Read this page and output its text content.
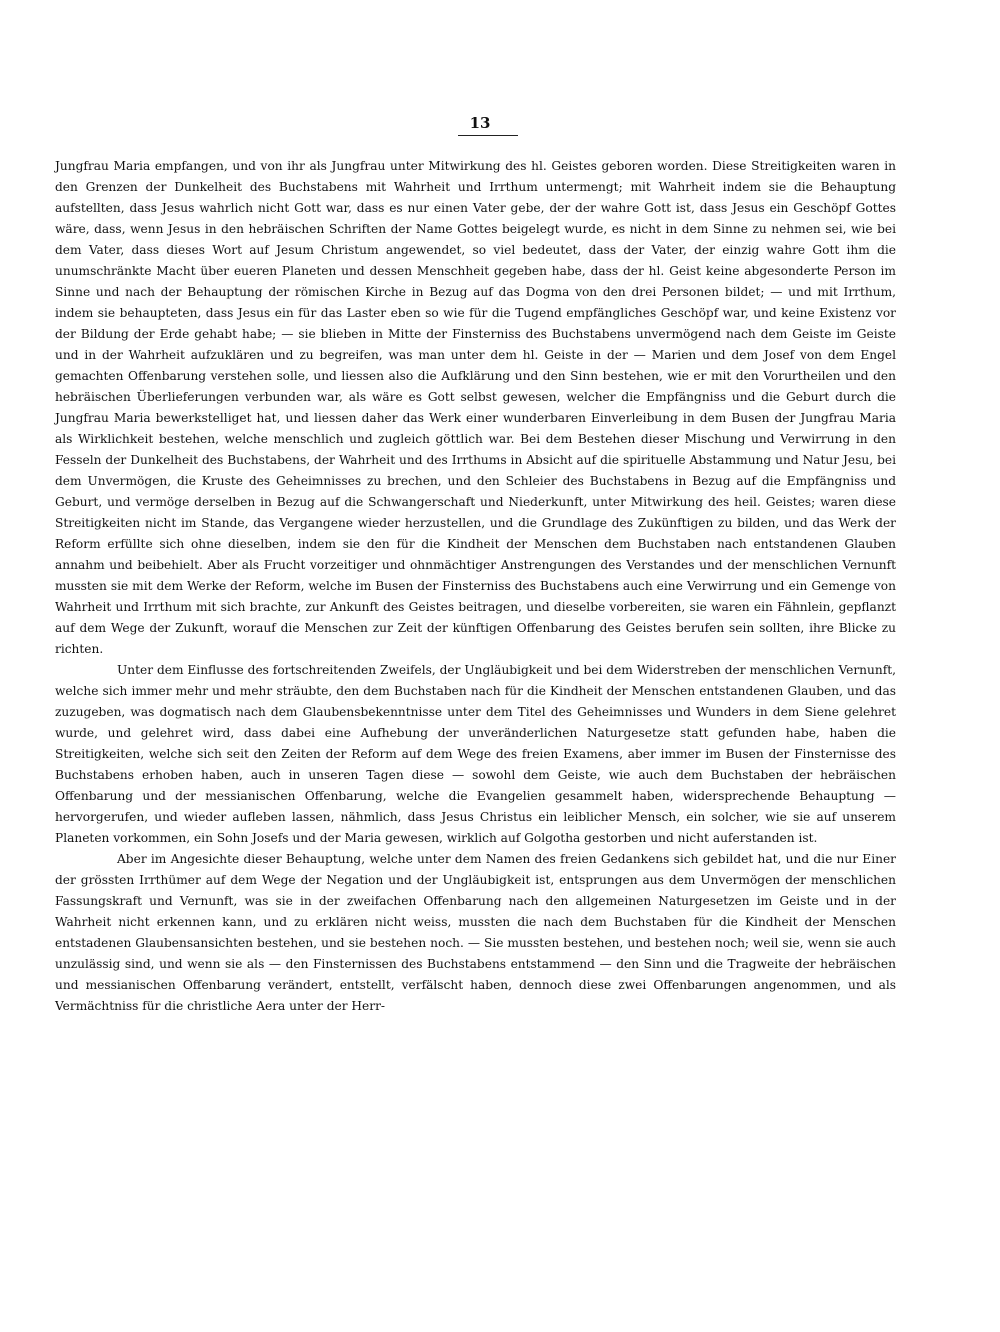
13

Jungfrau Maria empfangen, und von ihr als Jungfrau unter Mitwirkung des hl. Geistes geboren worden. Diese Streitigkeiten waren in den Grenzen der Dunkelheit des Buchstabens mit Wahrheit und Irrthum untermengt; mit Wahrheit indem sie die Behauptung aufstellten, dass Jesus wahrlich nicht Gott war, dass es nur einen Vater gebe, der der wahre Gott ist, dass Jesus ein Geschöpf Gottes wäre, dass, wenn Jesus in den hebräischen Schriften der Name Gottes beigelegt wurde, es nicht in dem Sinne zu nehmen sei, wie bei dem Vater, dass dieses Wort auf Jesum Christum angewendet, so viel bedeutet, dass der Vater, der einzig wahre Gott ihm die unumschränkte Macht über eueren Planeten und dessen Menschheit gegeben habe, dass der hl. Geist keine abgesonderte Person im Sinne und nach der Behauptung der römischen Kirche in Bezug auf das Dogma von den drei Personen bildet; — und mit Irrthum, indem sie behaupteten, dass Jesus ein für das Laster eben so wie für die Tugend empfängliches Geschöpf war, und keine Existenz vor der Bildung der Erde gehabt habe; — sie blieben in Mitte der Finsterniss des Buchstabens unvermögend nach dem Geiste im Geiste und in der Wahrheit aufzuklären und zu begreifen, was man unter dem hl. Geiste in der — Marien und dem Josef von dem Engel gemachten Offenbarung verstehen solle, und liessen also die Aufklärung und den Sinn bestehen, wie er mit den Vorurtheilen und den hebräischen Überlieferungen verbunden war, als wäre es Gott selbst gewesen, welcher die Empfängniss und die Geburt durch die Jungfrau Maria bewerkstelliget hat, und liessen daher das Werk einer wunderbaren Einverleibung in dem Busen der Jungfrau Maria als Wirklichkeit bestehen, welche menschlich und zugleich göttlich war. Bei dem Bestehen dieser Mischung und Verwirrung in den Fesseln der Dunkelheit des Buchstabens, der Wahrheit und des Irrthums in Absicht auf die spirituelle Abstammung und Natur Jesu, bei dem Unvermögen, die Kruste des Geheimnisses zu brechen, und den Schleier des Buchstabens in Bezug auf die Empfängniss und Geburt, und vermöge derselben in Bezug auf die Schwangerschaft und Niederkunft, unter Mitwirkung des heil. Geistes; waren diese Streitigkeiten nicht im Stande, das Vergangene wieder herzustellen, und die Grundlage des Zukünftigen zu bilden, und das Werk der Reform erfüllte sich ohne dieselben, indem sie den für die Kindheit der Menschen dem Buchstaben nach entstandenen Glauben annahm und beibehielt. Aber als Frucht vorzeitiger und ohnmächtiger Anstrengungen des Verstandes und der menschlichen Vernunft mussten sie mit dem Werke der Reform, welche im Busen der Finsterniss des Buchstabens auch eine Verwirrung und ein Gemenge von Wahrheit und Irrthum mit sich brachte, zur Ankunft des Geistes beitragen, und dieselbe vorbereiten, sie waren ein Fähnlein, gepflanzt auf dem Wege der Zukunft, worauf die Menschen zur Zeit der künftigen Offenbarung des Geistes berufen sein sollten, ihre Blicke zu richten.

Unter dem Einflusse des fortschreitenden Zweifels, der Ungläubigkeit und bei dem Widerstreben der menschlichen Vernunft, welche sich immer mehr und mehr sträubte, den dem Buchstaben nach für die Kindheit der Menschen entstandenen Glauben, und das zuzugeben, was dogmatisch nach dem Glaubensbekenntnisse unter dem Titel des Geheimnisses und Wunders in dem Siene gelehret wurde, und gelehret wird, dass dabei eine Aufhebung der unveränderlichen Naturgesetze statt gefunden habe, haben die Streitigkeiten, welche sich seit den Zeiten der Reform auf dem Wege des freien Examens, aber immer im Busen der Finsternisse des Buchstabens erhoben haben, auch in unseren Tagen diese — sowohl dem Geiste, wie auch dem Buchstaben der hebräischen Offenbarung und der messianischen Offenbarung, welche die Evangelien gesammelt haben, widersprechende Behauptung — hervorgerufen, und wieder aufleben lassen, nähmlich, dass Jesus Christus ein leiblicher Mensch, ein solcher, wie sie auf unserem Planeten vorkommen, ein Sohn Josefs und der Maria gewesen, wirklich auf Golgotha gestorben und nicht auferstanden ist.

Aber im Angesichte dieser Behauptung, welche unter dem Namen des freien Gedankens sich gebildet hat, und die nur Einer der grössten Irrthümer auf dem Wege der Negation und der Ungläubigkeit ist, entsprungen aus dem Unvermögen der menschlichen Fassungskraft und Vernunft, was sie in der zweifachen Offenbarung nach den allgemeinen Naturgesetzen im Geiste und in der Wahrheit nicht erkennen kann, und zu erklären nicht weiss, mussten die nach dem Buchstaben für die Kindheit der Menschen entstadenen Glaubensansichten bestehen, und sie bestehen noch. — Sie mussten bestehen, und bestehen noch; weil sie, wenn sie auch unzulässig sind, und wenn sie als — den Finsternissen des Buchstabens entstammend — den Sinn und die Tragweite der hebräischen und messianischen Offenbarung verändert, entstellt, verfälscht haben, dennoch diese zwei Offenbarungen angenommen, und als Vermächtniss für die christliche Aera unter der Herr-
